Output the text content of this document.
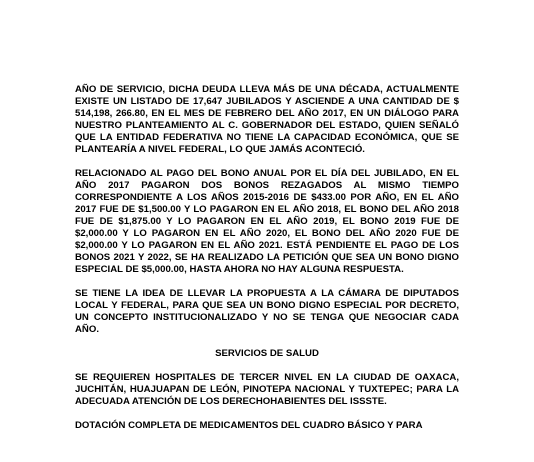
AÑO DE SERVICIO, DICHA DEUDA LLEVA MÁS DE UNA DÉCADA, ACTUALMENTE EXISTE UN LISTADO DE 17,647 JUBILADOS Y ASCIENDE A UNA CANTIDAD DE $ 514,198, 266.80, EN EL MES DE FEBRERO DEL AÑO 2017, EN UN DIÁLOGO PARA NUESTRO PLANTEAMIENTO AL C. GOBERNADOR DEL ESTADO, QUIEN SEÑALÓ QUE LA ENTIDAD FEDERATIVA NO TIENE LA CAPACIDAD ECONÓMICA, QUE SE PLANTEARÍA A NIVEL FEDERAL, LO QUE JAMÁS ACONTECIÓ.

RELACIONADO AL PAGO DEL BONO ANUAL POR EL DÍA DEL JUBILADO, EN EL AÑO 2017 PAGARON DOS BONOS REZAGADOS AL MISMO TIEMPO CORRESPONDIENTE A LOS AÑOS 2015-2016 DE $433.00 POR AÑO, EN EL AÑO 2017 FUE DE $1,500.00 Y LO PAGARON EN EL AÑO 2018, EL BONO DEL AÑO 2018 FUE DE $1,875.00 Y LO PAGARON EN EL AÑO 2019, EL BONO 2019 FUE DE $2,000.00 Y LO PAGARON EN EL AÑO 2020, EL BONO DEL AÑO 2020 FUE DE $2,000.00 Y LO PAGARON EN EL AÑO 2021. ESTÁ PENDIENTE EL PAGO DE LOS BONOS 2021 Y 2022, SE HA REALIZADO LA PETICIÓN QUE SEA UN BONO DIGNO ESPECIAL DE $5,000.00, HASTA AHORA NO HAY ALGUNA RESPUESTA.

SE TIENE LA IDEA DE LLEVAR LA PROPUESTA A LA CÁMARA DE DIPUTADOS LOCAL Y FEDERAL, PARA QUE SEA UN BONO DIGNO ESPECIAL POR DECRETO, UN CONCEPTO INSTITUCIONALIZADO Y NO SE TENGA QUE NEGOCIAR CADA AÑO.

SERVICIOS DE SALUD

SE REQUIEREN HOSPITALES DE TERCER NIVEL EN LA CIUDAD DE OAXACA, JUCHITÁN, HUAJUAPAN DE LEÓN, PINOTEPA NACIONAL Y TUXTEPEC; PARA LA ADECUADA ATENCIÓN DE LOS DERECHOHABIENTES DEL ISSSTE.

DOTACIÓN COMPLETA DE MEDICAMENTOS DEL CUADRO BÁSICO Y PARA
